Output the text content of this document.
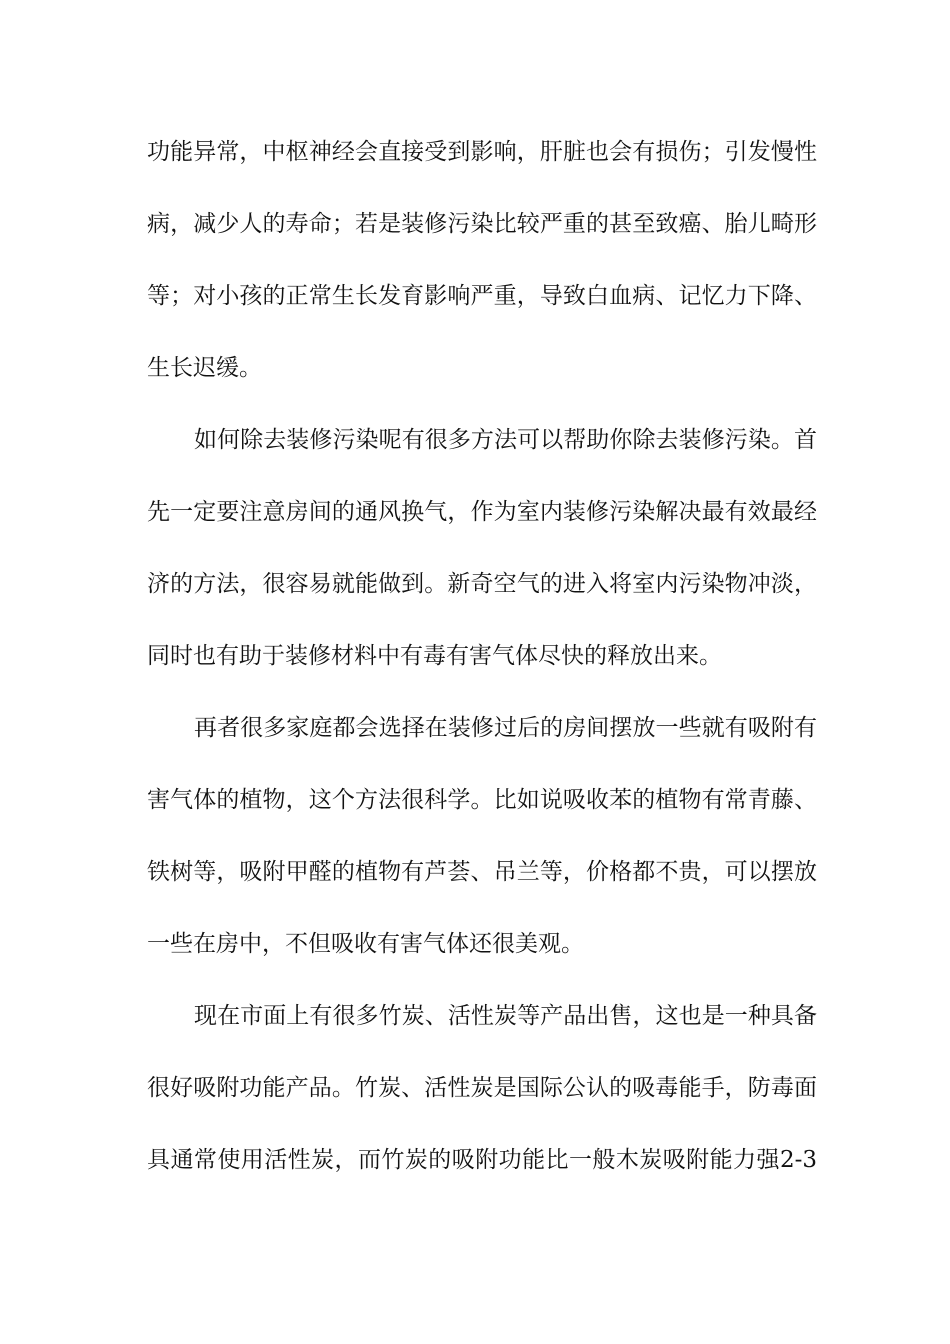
功能异常，中枢神经会直接受到影响，肝脏也会有损伤；引发慢性
病，减少人的寿命；若是装修污染比较严重的甚至致癌、胎儿畸形
等；对小孩的正常生长发育影响严重，导致白血病、记忆力下降、
生长迟缓。
如何除去装修污染呢有很多方法可以帮助你除去装修污染。首
先一定要注意房间的通风换气，作为室内装修污染解决最有效最经
济的方法，很容易就能做到。新奇空气的进入将室内污染物冲淡，
同时也有助于装修材料中有毒有害气体尽快的释放出来。
再者很多家庭都会选择在装修过后的房间摆放一些就有吸附有
害气体的植物，这个方法很科学。比如说吸收苯的植物有常青藤、
铁树等，吸附甲醛的植物有芦荟、吊兰等，价格都不贵，可以摆放
一些在房中，不但吸收有害气体还很美观。
现在市面上有很多竹炭、活性炭等产品出售，这也是一种具备
很好吸附功能产品。竹炭、活性炭是国际公认的吸毒能手，防毒面
具通常使用活性炭，而竹炭的吸附功能比一般木炭吸附能力强2-3
